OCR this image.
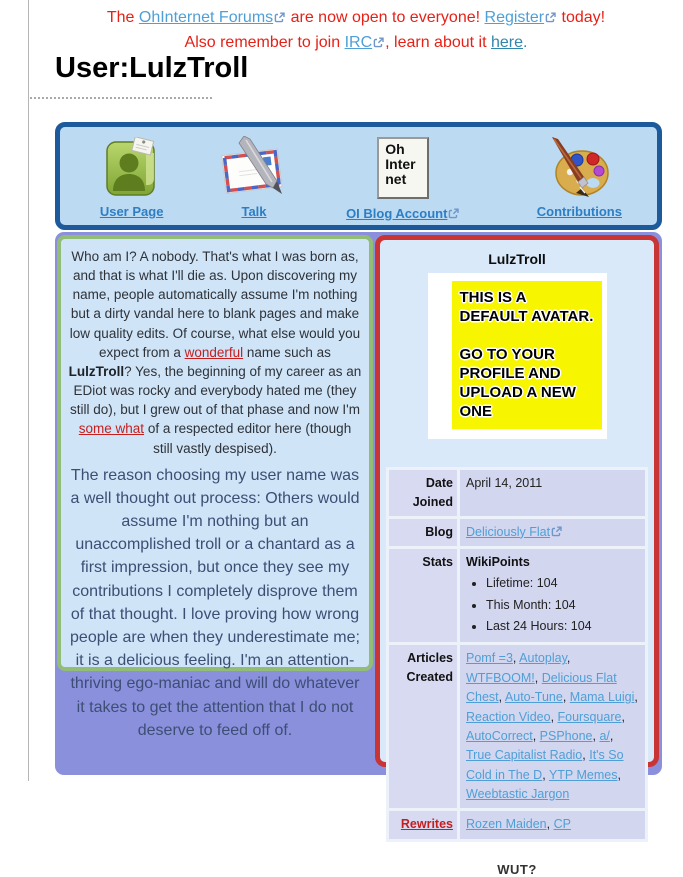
The OhInternet Forums are now open to everyone! Register today!
Also remember to join IRC , learn about it here.
User:LulzTroll
User Page	Talk
Oh
Inter
net
OI Blog Account	Contributions

Who am I? A nobody. That's what I was born as, and that is what I'll die as. Upon discovering my name, people automatically assume I'm nothing but a dirty vandal here to blank pages and make low quality edits. Of course, what else would you expect from a wonderful name such as LulzTroll? Yes, the beginning of my career as an EDiot was rocky and everybody hated me (they still do), but I grew out of that phase and now I'm some what of a respected editor here (though still vastly despised).

The reason choosing my user name was a well thought out process: Others would assume I'm nothing but an unaccomplished troll or a chantard as a first impression, but once they see my contributions I completely disprove them of that thought. I love proving how wrong people are when they underestimate me; it is a delicious feeling. I'm an attention-thriving ego-maniac and will do whatever it takes to get the attention that I do not deserve to feed off of.

LulzTroll
THIS IS A
DEFAULT AVATAR.
GO TO YOUR
PROFILE AND
UPLOAD A NEW
ONE
Date Joined	April 14, 2011
Blog	Deliciously Flat
Stats	WikiPoints
• Lifetime: 104
• This Month: 104
• Last 24 Hours: 104

Articles Created	Pomf =3 , Autoplay , WTFBOOM! , Delicious Flat Chest , Auto-Tune , Mama Luigi , Reaction Video , Foursquare , AutoCorrect , PSPhone , a/ , True Capitalist Radio , It's So Cold in The D , YTP Memes , Weebtastic Jargon
Rewrites	Rozen Maiden , CP
WUT?
